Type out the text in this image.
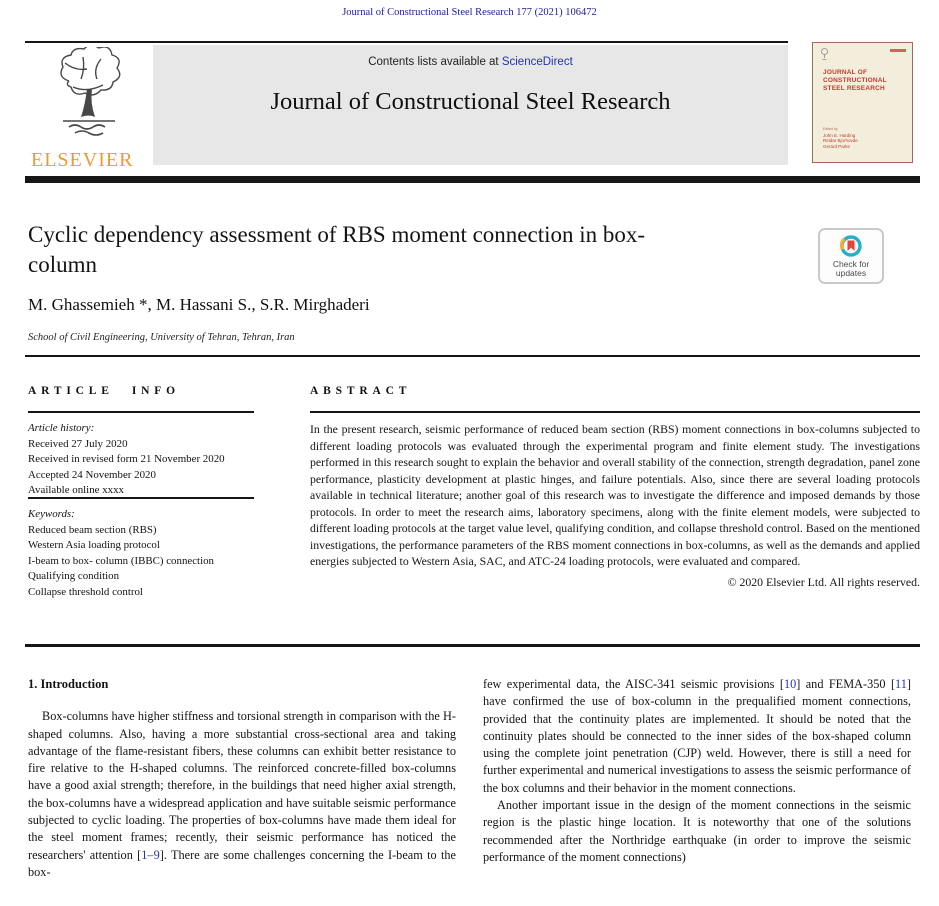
Journal of Constructional Steel Research 177 (2021) 106472
ELSEVIER
Contents lists available at ScienceDirect
Journal of Constructional Steel Research
JOURNAL OF
CONSTRUCTIONAL
STEEL RESEARCH
Edited by
John E. Harding
Reidar Bjorhovde
Gerard Parke
Cyclic dependency assessment of RBS moment connection in box-column	Check for
updates
M. Ghassemieh *, M. Hassani S., S.R. Mirghaderi
School of Civil Engineering, University of Tehran, Tehran, Iran
ARTICLE INFO
Article history:
Received 27 July 2020
Received in revised form 21 November 2020
Accepted 24 November 2020
Available online xxxx
Keywords:
Reduced beam section (RBS)
Western Asia loading protocol
I-beam to box- column (IBBC) connection
Qualifying condition
Collapse threshold control
ABSTRACT
In the present research, seismic performance of reduced beam section (RBS) moment connections in box-columns subjected to different loading protocols was evaluated through the experimental program and finite element study. The investigations performed in this research sought to explain the behavior and overall stability of the connection, strength degradation, panel zone performance, plasticity development at plastic hinges, and failure potentials. Also, since there are several loading protocols available in technical literature; another goal of this research was to investigate the difference and imposed demands by those protocols. In order to meet the research aims, laboratory specimens, along with the finite element models, were subjected to different loading protocols at the target value level, qualifying condition, and collapse threshold control. Based on the mentioned investigations, the performance parameters of the RBS moment connections in box-columns, as well as the demands and applied energies subjected to Western Asia, SAC, and ATC-24 loading protocols, were evaluated and compared.
© 2020 Elsevier Ltd. All rights reserved.
1. Introduction
Box-columns have higher stiffness and torsional strength in comparison with the H-shaped columns. Also, having a more substantial cross-sectional area and taking advantage of the flame-resistant fibers, these columns can exhibit better resistance to fire relative to the H-shaped columns. The reinforced concrete-filled box-columns have a good axial strength; therefore, in the buildings that need higher axial strength, the box-columns have a widespread application and have suitable seismic performance subjected to cyclic loading. The properties of box-columns have made them ideal for the steel moment frames; recently, their seismic performance has noticed the researchers' attention [1–9]. There are some challenges concerning the I-beam to the box-
few experimental data, the AISC-341 seismic provisions [10] and FEMA-350 [11] have confirmed the use of box-column in the prequalified moment connections, provided that the continuity plates are implemented. It should be noted that the continuity plates should be connected to the inner sides of the box-shaped column using the complete joint penetration (CJP) weld. However, there is still a need for further experimental and numerical investigations to assess the seismic performance of the box columns and their behavior in the moment connections.
Another important issue in the design of the moment connections in the seismic region is the plastic hinge location. It is noteworthy that one of the solutions recommended after the Northridge earthquake (in order to improve the seismic performance of the moment connections)
